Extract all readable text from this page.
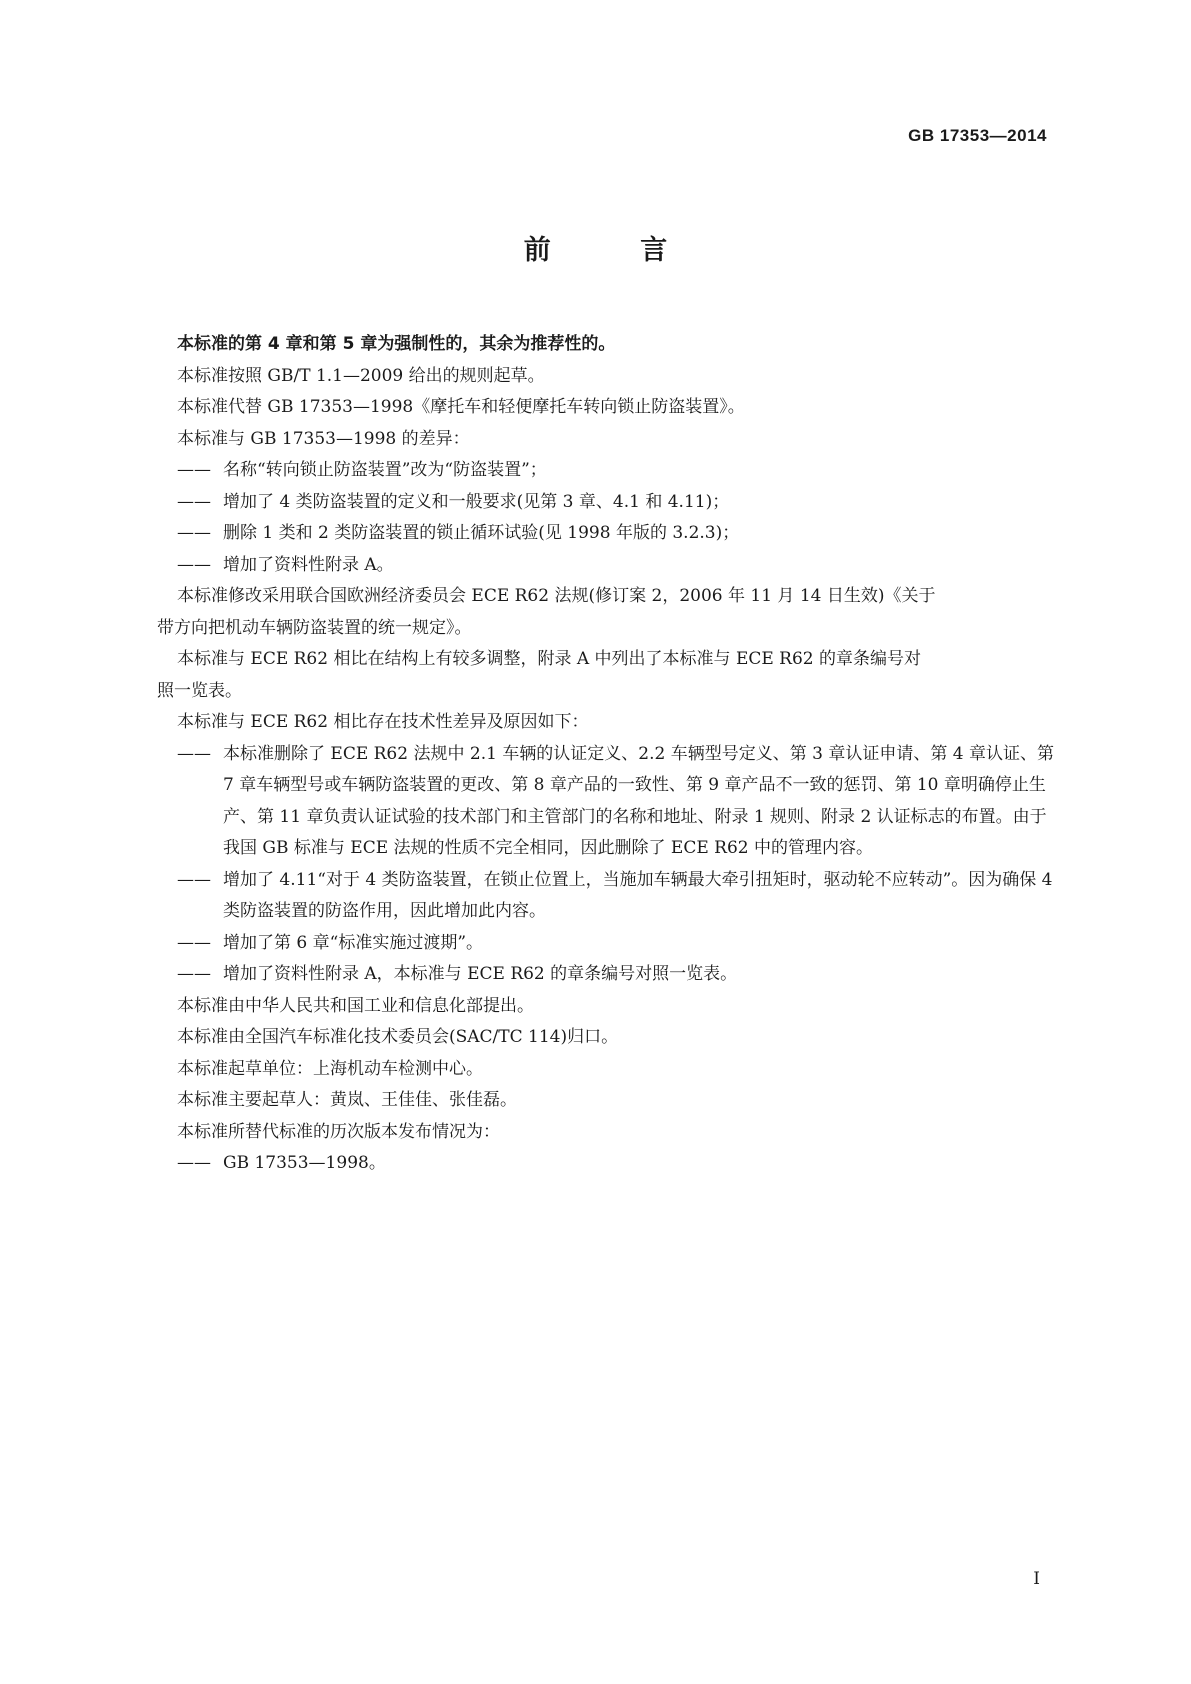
GB 17353—2014
前 言

本标准的第 4 章和第 5 章为强制性的，其余为推荐性的。

本标准按照 GB/T 1.1—2009 给出的规则起草。

本标准代替 GB 17353—1998《摩托车和轻便摩托车转向锁止防盗装置》。

本标准与 GB 17353—1998 的差异：

—— 名称“转向锁止防盗装置”改为“防盗装置”；

—— 增加了 4 类防盗装置的定义和一般要求(见第 3 章、4.1 和 4.11)；

—— 删除 1 类和 2 类防盗装置的锁止循环试验(见 1998 年版的 3.2.3)；

—— 增加了资料性附录 A。

本标准修改采用联合国欧洲经济委员会 ECE R62 法规(修订案 2，2006 年 11 月 14 日生效)《关于

带方向把机动车辆防盗装置的统一规定》。

本标准与 ECE R62 相比在结构上有较多调整，附录 A 中列出了本标准与 ECE R62 的章条编号对

照一览表。

本标准与 ECE R62 相比存在技术性差异及原因如下：

—— 本标准删除了 ECE R62 法规中 2.1 车辆的认证定义、2.2 车辆型号定义、第 3 章认证申请、第 4 章认证、第 7 章车辆型号或车辆防盗装置的更改、第 8 章产品的一致性、第 9 章产品不一致的惩罚、第 10 章明确停止生产、第 11 章负责认证试验的技术部门和主管部门的名称和地址、附录 1 规则、附录 2 认证标志的布置。由于我国 GB 标准与 ECE 法规的性质不完全相同，因此删除了 ECE R62 中的管理内容。

—— 增加了 4.11“对于 4 类防盗装置，在锁止位置上，当施加车辆最大牵引扭矩时，驱动轮不应转动”。因为确保 4 类防盗装置的防盗作用，因此增加此内容。

—— 增加了第 6 章“标准实施过渡期”。

—— 增加了资料性附录 A，本标准与 ECE R62 的章条编号对照一览表。

本标准由中华人民共和国工业和信息化部提出。

本标准由全国汽车标准化技术委员会(SAC/TC 114)归口。

本标准起草单位：上海机动车检测中心。

本标准主要起草人：黄岚、王佳佳、张佳磊。

本标准所替代标准的历次版本发布情况为：

—— GB 17353—1998。

I
